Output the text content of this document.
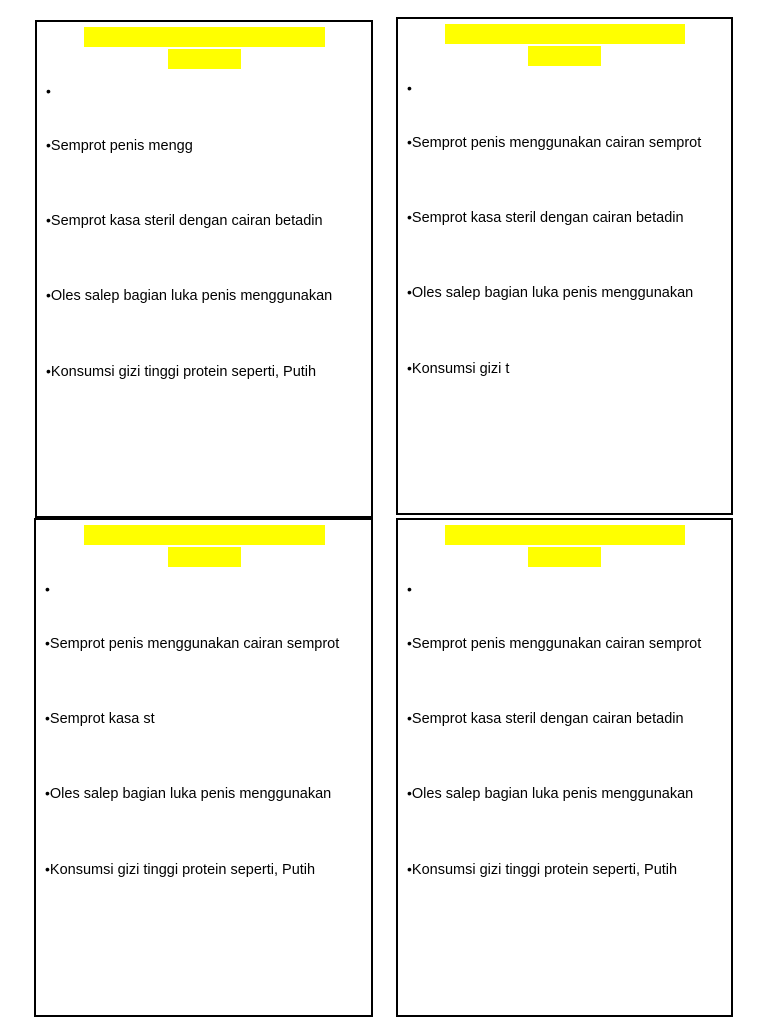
•
•Semprot penis mengg
•Semprot kasa steril dengan cairan betadin
•Oles salep bagian luka penis menggunakan
•Konsumsi gizi tinggi protein seperti, Putih
•
•Semprot penis menggunakan cairan semprot
•Semprot kasa steril dengan cairan betadin
•Oles salep bagian luka penis menggunakan
•Konsumsi gizi t
•
•Semprot penis menggunakan cairan semprot
•Semprot kasa st
•Oles salep bagian luka penis menggunakan
•Konsumsi gizi tinggi protein seperti, Putih
•
•Semprot penis menggunakan cairan semprot
•Semprot kasa steril dengan cairan betadin
•Oles salep bagian luka penis menggunakan
•Konsumsi gizi tinggi protein seperti, Putih
